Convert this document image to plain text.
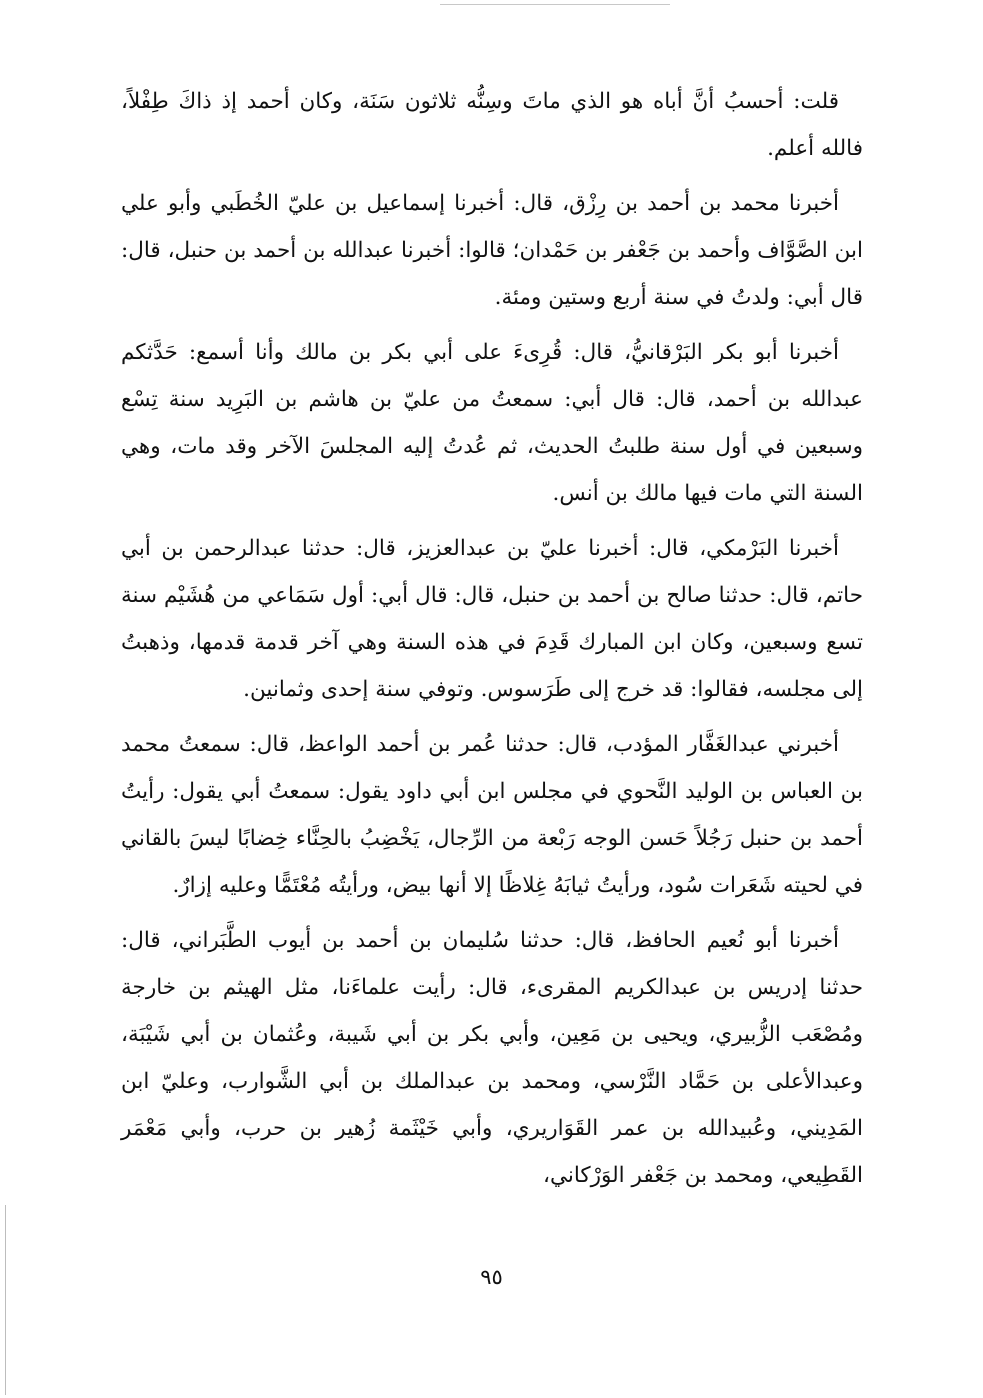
قلت: أحسبُ أنَّ أباه هو الذي ماتَ وسِنُّه ثلاثون سَنَة، وكان أحمد إذ ذاكَ طِفْلاً، فالله أعلم.

أخبرنا محمد بن أحمد بن رِزْق، قال: أخبرنا إسماعيل بن عليّ الخُطَبي وأبو علي ابن الصَّوَّاف وأحمد بن جَعْفر بن حَمْدان؛ قالوا: أخبرنا عبدالله بن أحمد بن حنبل، قال: قال أبي: ولدتُ في سنة أربع وستين ومئة.

أخبرنا أبو بكر البَرْقانيُّ، قال: قُرِىءَ على أبي بكر بن مالك وأنا أسمع: حَدَّثكم عبدالله بن أحمد، قال: قال أبي: سمعتُ من عليّ بن هاشم بن البَرِيد سنة تِسْع وسبعين في أول سنة طلبتُ الحديث، ثم عُدتُ إليه المجلسَ الآخر وقد مات، وهي السنة التي مات فيها مالك بن أنس.

أخبرنا البَرْمكي، قال: أخبرنا عليّ بن عبدالعزيز، قال: حدثنا عبدالرحمن بن أبي حاتم، قال: حدثنا صالح بن أحمد بن حنبل، قال: قال أبي: أول سَمَاعي من هُشَيْم سنة تسع وسبعين، وكان ابن المبارك قَدِمَ في هذه السنة وهي آخر قدمة قدمها، وذهبتُ إلى مجلسه، فقالوا: قد خرج إلى طَرَسوس. وتوفي سنة إحدى وثمانين.

أخبرني عبدالغَفَّار المؤدب، قال: حدثنا عُمر بن أحمد الواعظ، قال: سمعتُ محمد بن العباس بن الوليد النَّحوي في مجلس ابن أبي داود يقول: سمعتُ أبي يقول: رأيتُ أحمد بن حنبل رَجُلاً حَسن الوجه رَبْعة من الرِّجال، يَخْضِبُ بالحِنَّاء خِضابًا ليسَ بالقاني في لحيته شَعَرات سُود، ورأيتُ ثيابَهُ غِلاظًا إلا أنها بيض، ورأيتُه مُعْتَمًّا وعليه إزارٌ.

أخبرنا أبو نُعيم الحافظ، قال: حدثنا سُليمان بن أحمد بن أيوب الطَّبَراني، قال: حدثنا إدريس بن عبدالكريم المقرىء، قال: رأيت علماءَنا، مثل الهيثم بن خارجة ومُصْعَب الزُّبيري، ويحيى بن مَعِين، وأبي بكر بن أبي شَيبة، وعُثمان بن أبي شَيْبَة، وعبدالأعلى بن حَمَّاد النَّرْسي، ومحمد بن عبدالملك بن أبي الشَّوارب، وعليّ ابن المَدِيني، وعُبيدالله بن عمر القَوَاريري، وأبي خَيْثَمة زُهير بن حرب، وأبي مَعْمَر القَطِيعي، ومحمد بن جَعْفر الوَرْكاني،

٩٥
